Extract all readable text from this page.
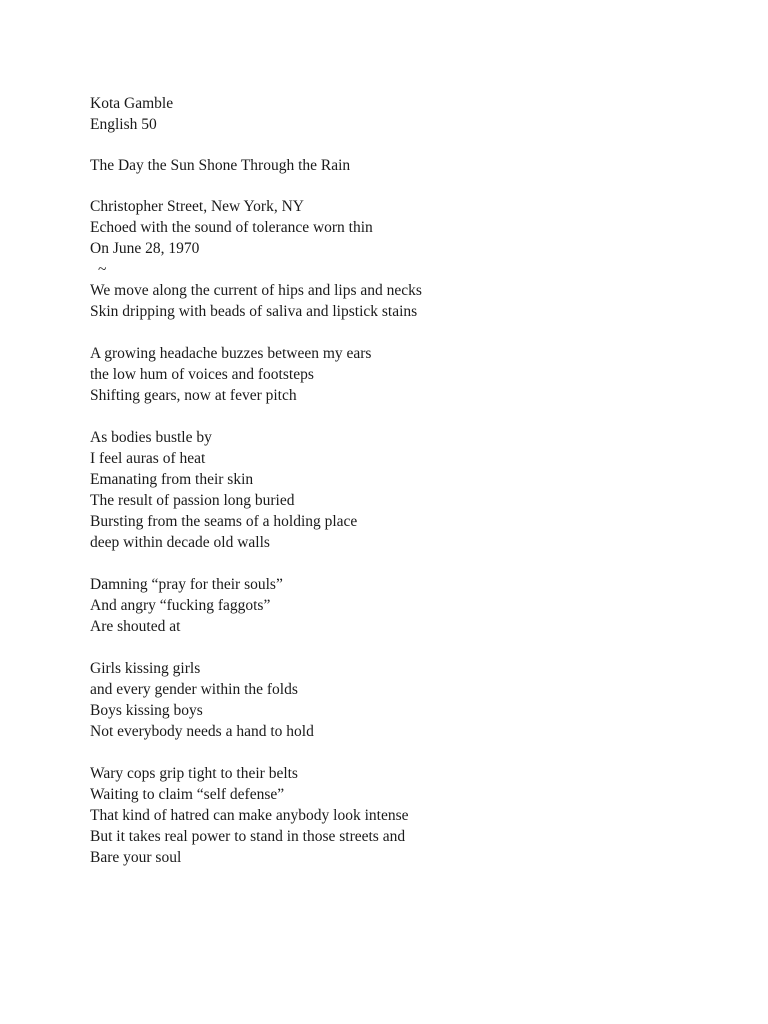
Kota Gamble
English 50
The Day the Sun Shone Through the Rain
Christopher Street, New York, NY
Echoed with the sound of tolerance worn thin
On June 28, 1970
~
We move along the current of hips and lips and necks
Skin dripping with beads of saliva and lipstick stains
A growing headache buzzes between my ears
the low hum of voices and footsteps
Shifting gears, now at fever pitch
As bodies bustle by
I feel auras of heat
Emanating from their skin
The result of passion long buried
Bursting from the seams of a holding place
deep within decade old walls
Damning “pray for their souls”
And angry “fucking faggots”
Are shouted at
Girls kissing girls
and every gender within the folds
Boys kissing boys
Not everybody needs a hand to hold
Wary cops grip tight to their belts
Waiting to claim “self defense”
That kind of hatred can make anybody look intense
But it takes real power to stand in those streets and
Bare your soul
